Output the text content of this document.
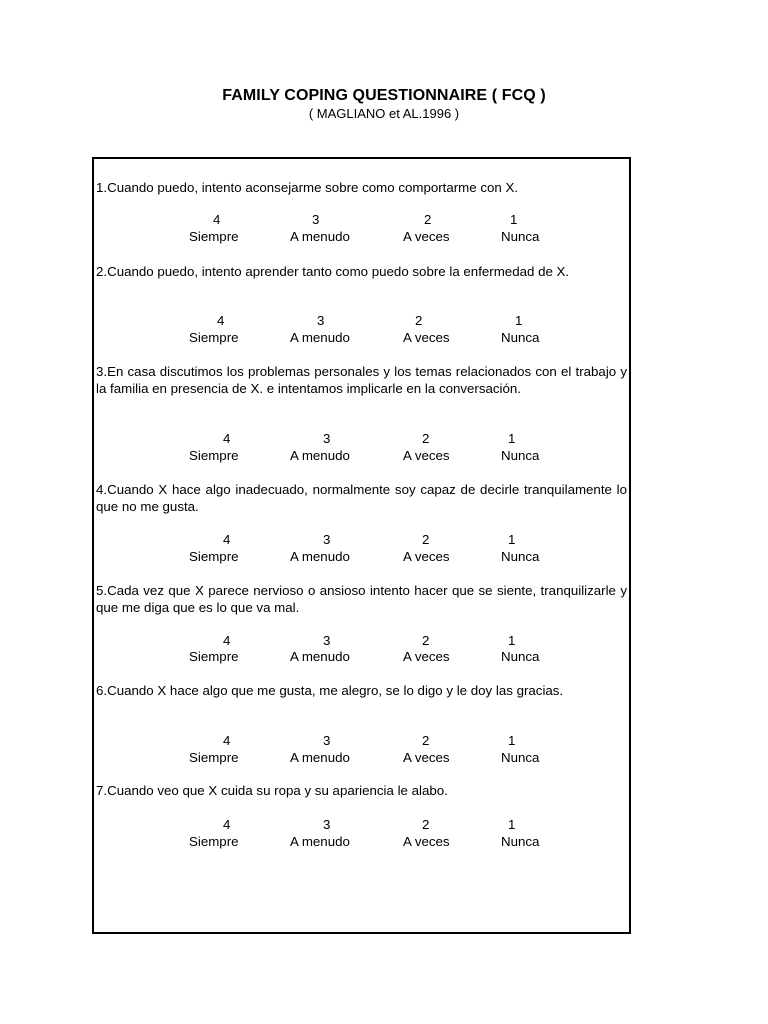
FAMILY COPING QUESTIONNAIRE ( FCQ )
( MAGLIANO et AL.1996 )
1.Cuando puedo, intento aconsejarme sobre como comportarme con X.
4	3	2	1
Siempre	A menudo	A veces	Nunca
2.Cuando puedo, intento aprender tanto como puedo sobre la enfermedad de X.
4	3	2	1
Siempre	A menudo	A veces	Nunca
3.En casa discutimos los problemas personales y los temas relacionados con el trabajo y la familia en presencia de X. e intentamos implicarle en la conversación.
4	3	2	1
Siempre	A menudo	A veces	Nunca
4.Cuando X hace algo inadecuado, normalmente soy capaz de decirle tranquilamente lo que no me gusta.
4	3	2	1
Siempre	A menudo	A veces	Nunca
5.Cada vez que X parece nervioso o ansioso intento hacer que se siente, tranquilizarle y que me diga que es lo que va mal.
4	3	2	1
Siempre	A menudo	A veces	Nunca
6.Cuando X hace algo que me gusta, me alegro, se lo digo y le doy las gracias.
4	3	2	1
Siempre	A menudo	A veces	Nunca
7.Cuando veo que X cuida su ropa y su apariencia le alabo.
4	3	2	1
Siempre	A menudo	A veces	Nunca
